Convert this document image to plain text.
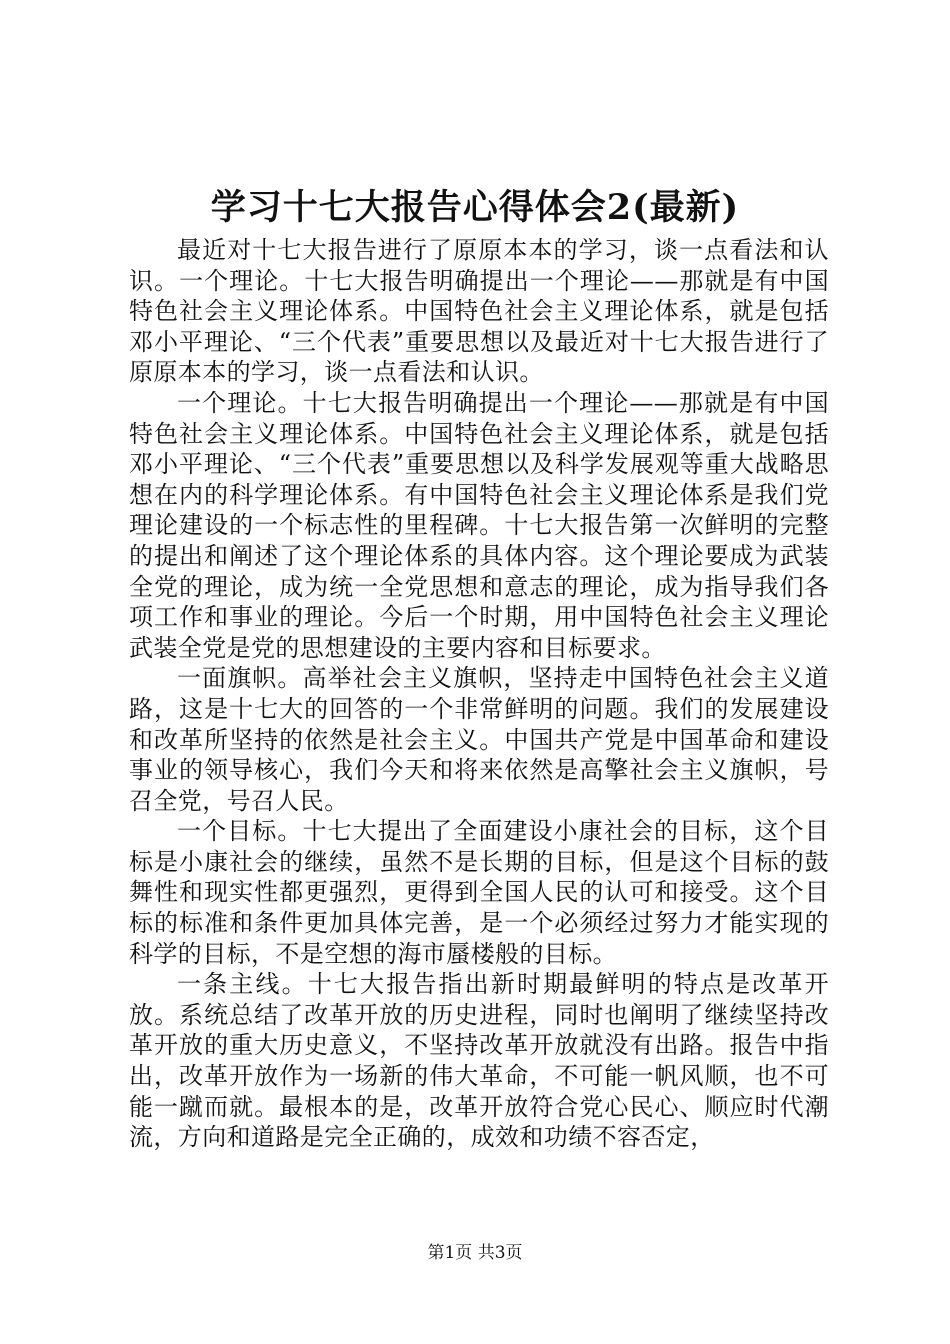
学习十七大报告心得体会2(最新)

最近对十七大报告进行了原原本本的学习，谈一点看法和认识。一个理论。十七大报告明确提出一个理论——那就是有中国特色社会主义理论体系。中国特色社会主义理论体系，就是包括邓小平理论、“三个代表”重要思想以及最近对十七大报告进行了原原本本的学习，谈一点看法和认识。

一个理论。十七大报告明确提出一个理论——那就是有中国特色社会主义理论体系。中国特色社会主义理论体系，就是包括邓小平理论、“三个代表”重要思想以及科学发展观等重大战略思想在内的科学理论体系。有中国特色社会主义理论体系是我们党理论建设的一个标志性的里程碑。十七大报告第一次鲜明的完整的提出和阐述了这个理论体系的具体内容。这个理论要成为武装全党的理论，成为统一全党思想和意志的理论，成为指导我们各项工作和事业的理论。今后一个时期，用中国特色社会主义理论武装全党是党的思想建设的主要内容和目标要求。

一面旗帜。高举社会主义旗帜，坚持走中国特色社会主义道路，这是十七大的回答的一个非常鲜明的问题。我们的发展建设和改革所坚持的依然是社会主义。中国共产党是中国革命和建设事业的领导核心，我们今天和将来依然是高擎社会主义旗帜，号召全党，号召人民。

一个目标。十七大提出了全面建设小康社会的目标，这个目标是小康社会的继续，虽然不是长期的目标，但是这个目标的鼓舞性和现实性都更强烈，更得到全国人民的认可和接受。这个目标的标准和条件更加具体完善，是一个必须经过努力才能实现的科学的目标，不是空想的海市蜃楼般的目标。

一条主线。十七大报告指出新时期最鲜明的特点是改革开放。系统总结了改革开放的历史进程，同时也阐明了继续坚持改革开放的重大历史意义，不坚持改革开放就没有出路。报告中指出，改革开放作为一场新的伟大革命，不可能一帆风顺，也不可能一蹴而就。最根本的是，改革开放符合党心民心、顺应时代潮流，方向和道路是完全正确的，成效和功绩不容否定，

第1页 共3页
